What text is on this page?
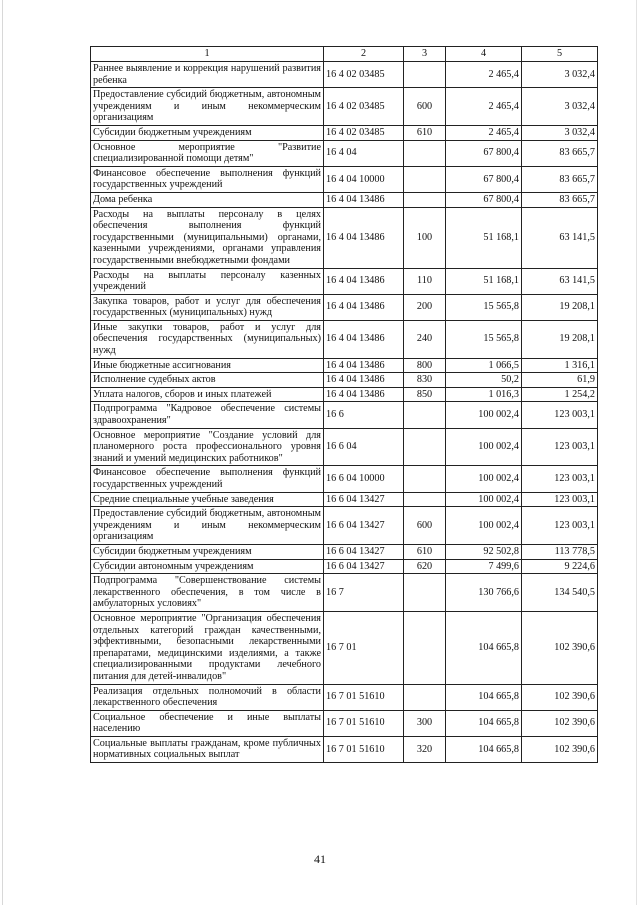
1	2	3	4	5
Раннее выявление и коррекция нарушений развития ребенка	16 4 02 03485		2 465,4	3 032,4
Предоставление субсидий бюджетным, автономным учреждениям и иным некоммерческим организациям	16 4 02 03485	600	2 465,4	3 032,4
Субсидии бюджетным учреждениям	16 4 02 03485	610	2 465,4	3 032,4
Основное мероприятие "Развитие специализированной помощи детям"	16 4 04		67 800,4	83 665,7
Финансовое обеспечение выполнения функций государственных учреждений	16 4 04 10000		67 800,4	83 665,7
Дома ребенка	16 4 04 13486		67 800,4	83 665,7
Расходы на выплаты персоналу в целях обеспечения выполнения функций государственными (муниципальными) органами, казенными учреждениями, органами управления государственными внебюджетными фондами	16 4 04 13486	100	51 168,1	63 141,5
Расходы на выплаты персоналу казенных учреждений	16 4 04 13486	110	51 168,1	63 141,5
Закупка товаров, работ и услуг для обеспечения государственных (муниципальных) нужд	16 4 04 13486	200	15 565,8	19 208,1
Иные закупки товаров, работ и услуг для обеспечения государственных (муниципальных) нужд	16 4 04 13486	240	15 565,8	19 208,1
Иные бюджетные ассигнования	16 4 04 13486	800	1 066,5	1 316,1
Исполнение судебных актов	16 4 04 13486	830	50,2	61,9
Уплата налогов, сборов и иных платежей	16 4 04 13486	850	1 016,3	1 254,2
Подпрограмма "Кадровое обеспечение системы здравоохранения"	16 6		100 002,4	123 003,1
Основное мероприятие "Создание условий для планомерного роста профессионального уровня знаний и умений медицинских работников"	16 6 04		100 002,4	123 003,1
Финансовое обеспечение выполнения функций государственных учреждений	16 6 04 10000		100 002,4	123 003,1
Средние специальные учебные заведения	16 6 04 13427		100 002,4	123 003,1
Предоставление субсидий бюджетным, автономным учреждениям и иным некоммерческим организациям	16 6 04 13427	600	100 002,4	123 003,1
Субсидии бюджетным учреждениям	16 6 04 13427	610	92 502,8	113 778,5
Субсидии автономным учреждениям	16 6 04 13427	620	7 499,6	9 224,6
Подпрограмма "Совершенствование системы лекарственного обеспечения, в том числе в амбулаторных условиях"	16 7		130 766,6	134 540,5
Основное мероприятие "Организация обеспечения отдельных категорий граждан качественными, эффективными, безопасными лекарственными препаратами, медицинскими изделиями, а также специализированными продуктами лечебного питания для детей-инвалидов"	16 7 01		104 665,8	102 390,6
Реализация отдельных полномочий в области лекарственного обеспечения	16 7 01 51610		104 665,8	102 390,6
Социальное обеспечение и иные выплаты населению	16 7 01 51610	300	104 665,8	102 390,6
Социальные выплаты гражданам, кроме публичных нормативных социальных выплат	16 7 01 51610	320	104 665,8	102 390,6
41
